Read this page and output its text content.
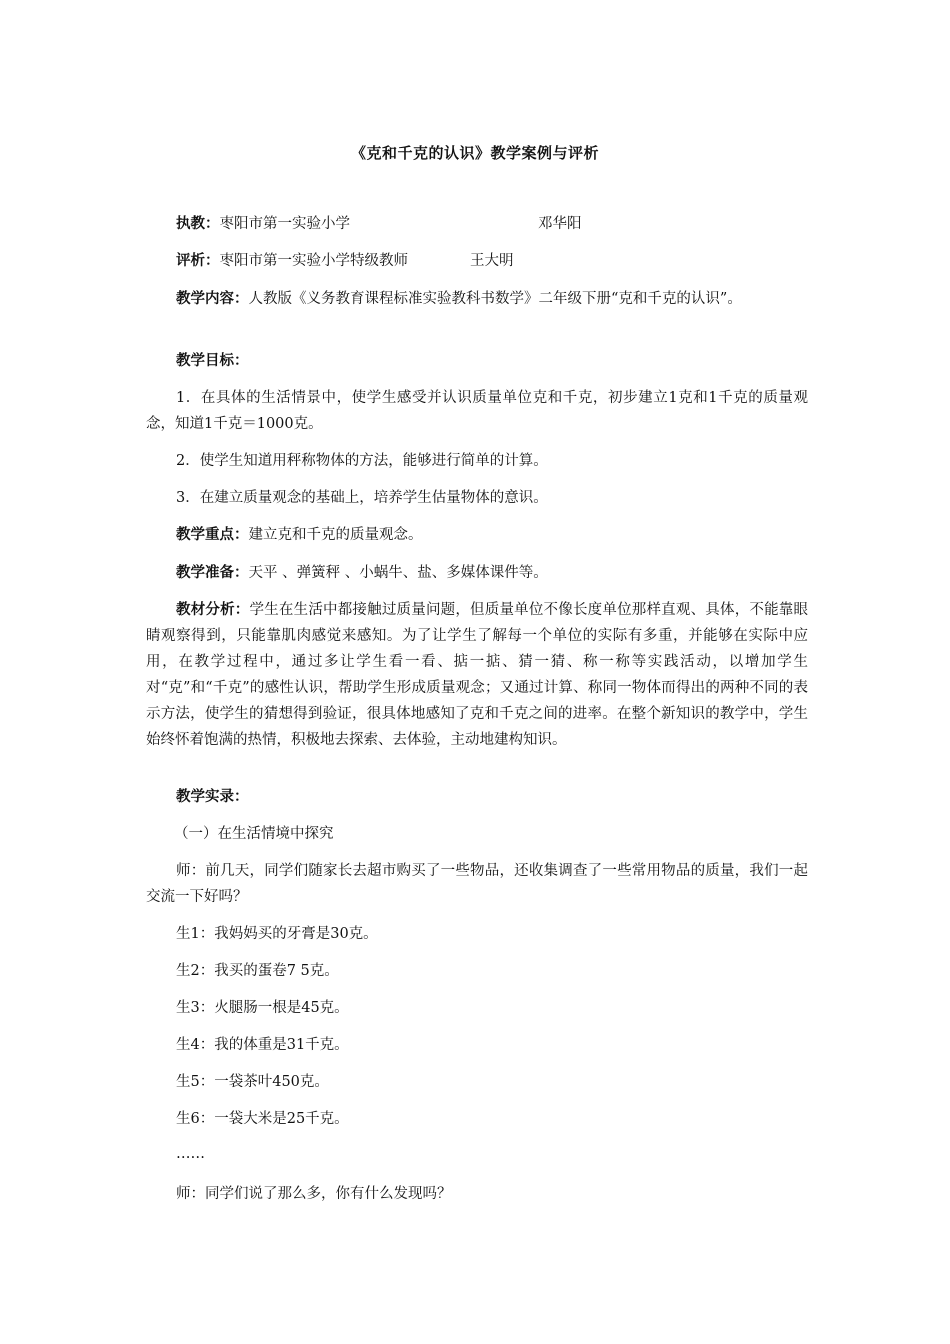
《克和千克的认识》教学案例与评析
执教：枣阳市第一实验小学	邓华阳
评析：枣阳市第一实验小学特级教师	王大明
教学内容：人教版《义务教育课程标准实验教科书数学》二年级下册“克和千克的认识”。
教学目标：
1．在具体的生活情景中，使学生感受并认识质量单位克和千克，初步建立1克和1千克的质量观念，知道1千克＝1000克。
2．使学生知道用秤称物体的方法，能够进行简单的计算。
3．在建立质量观念的基础上，培养学生估量物体的意识。
教学重点：建立克和千克的质量观念。
教学准备：天平 、弹簧秤 、小蜗牛、盐、多媒体课件等。
教材分析：学生在生活中都接触过质量问题，但质量单位不像长度单位那样直观、具体，不能靠眼睛观察得到，只能靠肌肉感觉来感知。为了让学生了解每一个单位的实际有多重，并能够在实际中应用，在教学过程中，通过多让学生看一看、掂一掂、猜一猜、称一称等实践活动，以增加学生对“克”和“千克”的感性认识，帮助学生形成质量观念；又通过计算、称同一物体而得出的两种不同的表示方法，使学生的猜想得到验证，很具体地感知了克和千克之间的进率。在整个新知识的教学中，学生始终怀着饱满的热情，积极地去探索、去体验，主动地建构知识。
教学实录：
（一）在生活情境中探究
师：前几天，同学们随家长去超市购买了一些物品，还收集调查了一些常用物品的质量，我们一起交流一下好吗？
生1：我妈妈买的牙膏是30克。
生2：我买的蛋卷7 5克。
生3：火腿肠一根是45克。
生4：我的体重是31千克。
生5：一袋茶叶450克。
生6：一袋大米是25千克。
……
师：同学们说了那么多，你有什么发现吗？
